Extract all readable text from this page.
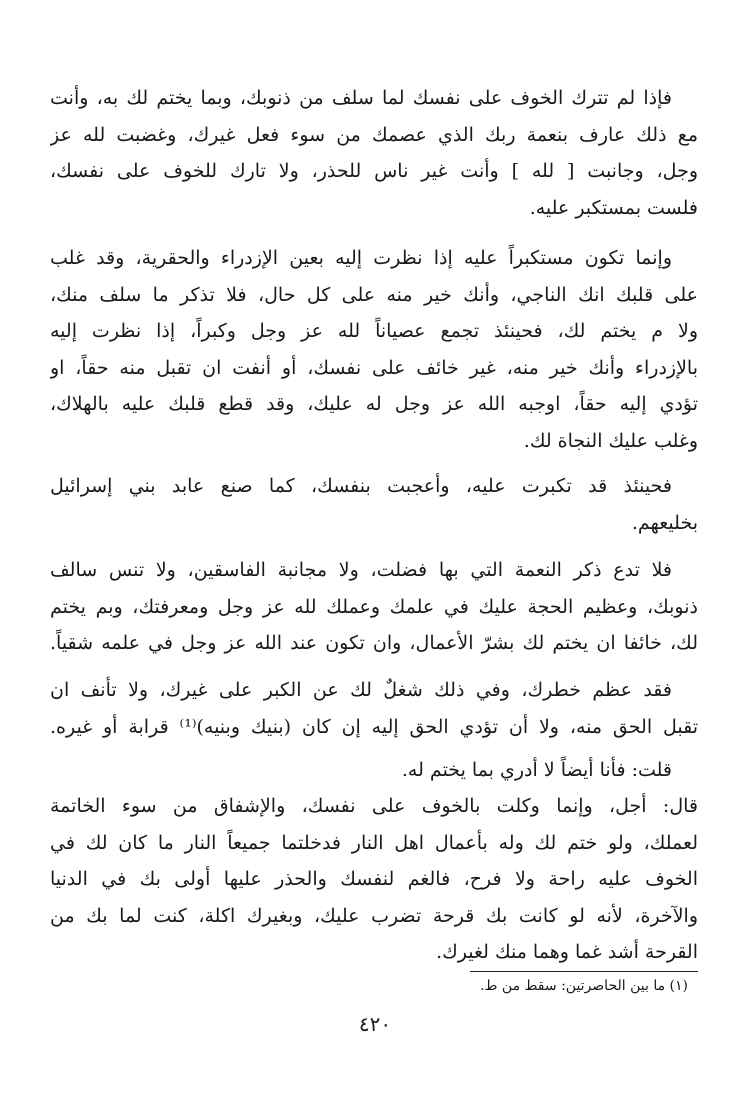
فإذا لم تترك الخوف على نفسك لما سلف من ذنوبك، وبما يختم لك به، وأنت
مع ذلك عارف بنعمة ربك الذي عصمك من سوء فعل غيرك، وغضبت لله عز
وجل، وجانبت [ لله ] وأنت غير ناس للحذر، ولا تارك للخوف على نفسك،
فلست بمستكبر عليه.
وإنما تكون مستكبراً عليه إذا نظرت إليه بعين الإزدراء والحقرية، وقد غلب
على قلبك انك الناجي، وأنك خير منه على كل حال، فلا تذكر ما سلف منك،
ولا م يختم لك، فحينئذ تجمع عصياناً لله عز وجل وكبراً، إذا نظرت إليه
بالإزدراء وأنك خير منه، غير خائف على نفسك، أو أنفت ان تقبل منه حقاً، او
تؤدي إليه حقاً، اوجبه الله عز وجل له عليك، وقد قطع قلبك عليه بالهلاك،
وغلب عليك النجاة لك.
فحينئذ قد تكبرت عليه، وأعجبت بنفسك، كما صنع عابد بني إسرائيل
بخليعهم.
فلا تدع ذكر النعمة التي بها فضلت، ولا مجانبة الفاسقين، ولا تنس سالف
ذنوبك، وعظيم الحجة عليك في علمك وعملك لله عز وجل ومعرفتك، وبم يختم
لك، خائفا ان يختم لك بشرّ الأعمال، وان تكون عند الله عز وجل في علمه شقياً.
فقد عظم خطرك، وفي ذلك شغلٌ لك عن الكبر على غيرك، ولا تأنف ان
تقبل الحق منه، ولا أن تؤدي الحق إليه إن كان (بنيك وبنيه)⁽¹⁾ قرابة أو غيره.
قلت: فأنا أيضاً لا أدري بما يختم له.
قال: أجل، وإنما وكلت بالخوف على نفسك، والإشفاق من سوء الخاتمة
لعملك، ولو ختم لك وله بأعمال اهل النار فدخلتما جميعاً النار ما كان لك في
الخوف عليه راحة ولا فرح، فالغم لنفسك والحذر عليها أولى بك في الدنيا
والآخرة، لأنه لو كانت بك قرحة تضرب عليك، وبغيرك اكلة، كنت لما بك من
القرحة أشد غما وهما منك لغيرك.
(١) ما بين الحاصرتين: سقط من ط.
٤٢٠
